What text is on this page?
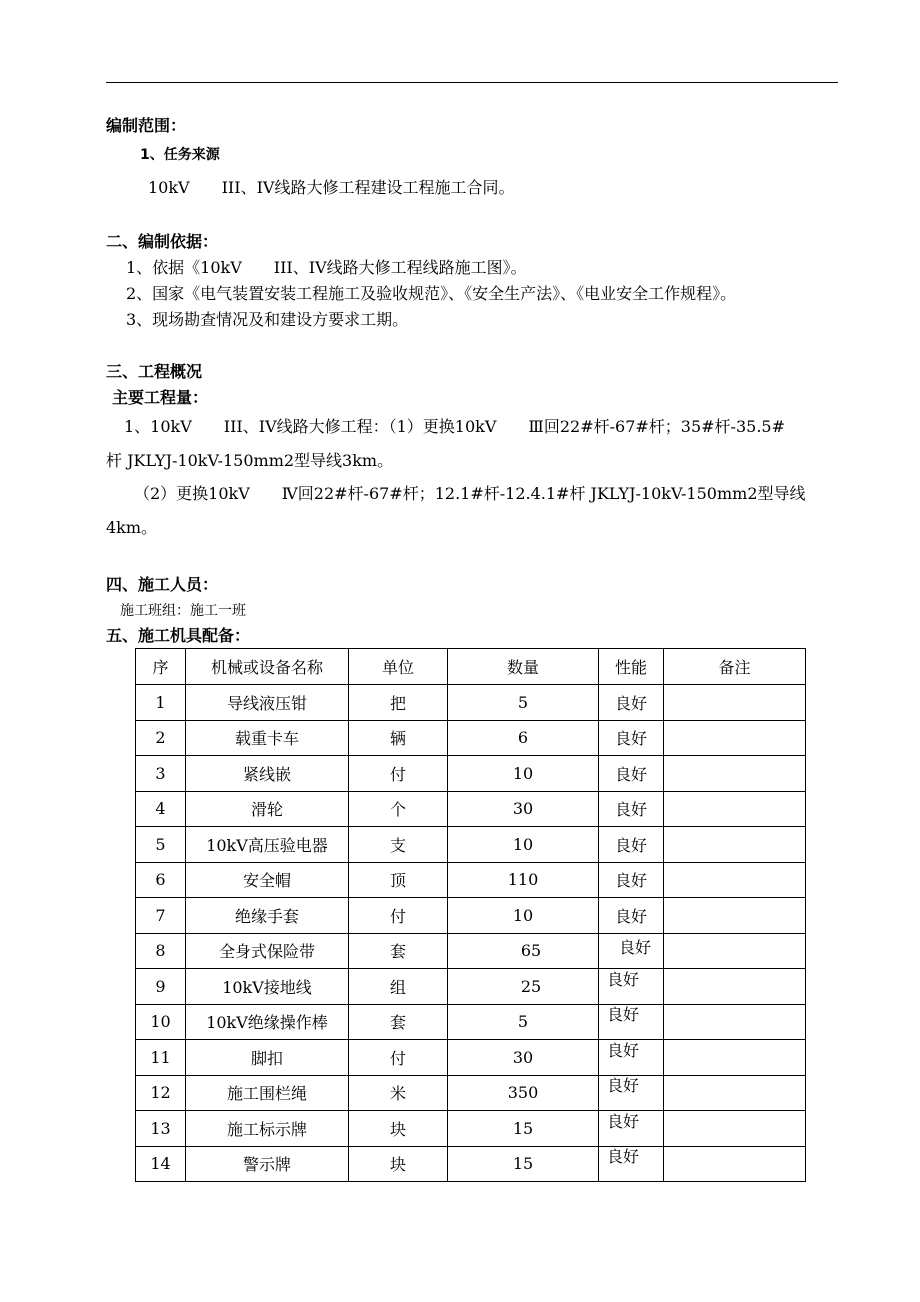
编制范围：
1、任务来源
10kV　　III、IV线路大修工程建设工程施工合同。
二、编制依据：
1、依据《10kV　　III、IV线路大修工程线路施工图》。
2、国家《电气装置安装工程施工及验收规范》、《安全生产法》、《电业安全工作规程》。
3、现场勘查情况及和建设方要求工期。
三、工程概况
主要工程量：
1、10kV　　III、IV线路大修工程：（1）更换10kV　　Ⅲ回22#杆-67#杆；35#杆-35.5#
杆 JKLYJ-10kV-150mm2型导线3km。
（2）更换10kV　　Ⅳ回22#杆-67#杆；12.1#杆-12.4.1#杆 JKLYJ-10kV-150mm2型导线
4km。
四、施工人员：
施工班组：施工一班
五、施工机具配备：
序	机械或设备名称	单位	数量	性能	备注
1	导线液压钳	把	5	良好	
2	载重卡车	辆	6	良好	
3	紧线嵌	付	10	良好	
4	滑轮	个	30	良好	
5	10kV高压验电器	支	10	良好	
6	安全帽	顶	110	良好	
7	绝缘手套	付	10	良好	
8	全身式保险带	套	65	良好	
9	10kV接地线	组	25	良好	
10	10kV绝缘操作棒	套	5	良好	
11	脚扣	付	30	良好	
12	施工围栏绳	米	350	良好	
13	施工标示牌	块	15	良好	
14	警示牌	块	15	良好	
